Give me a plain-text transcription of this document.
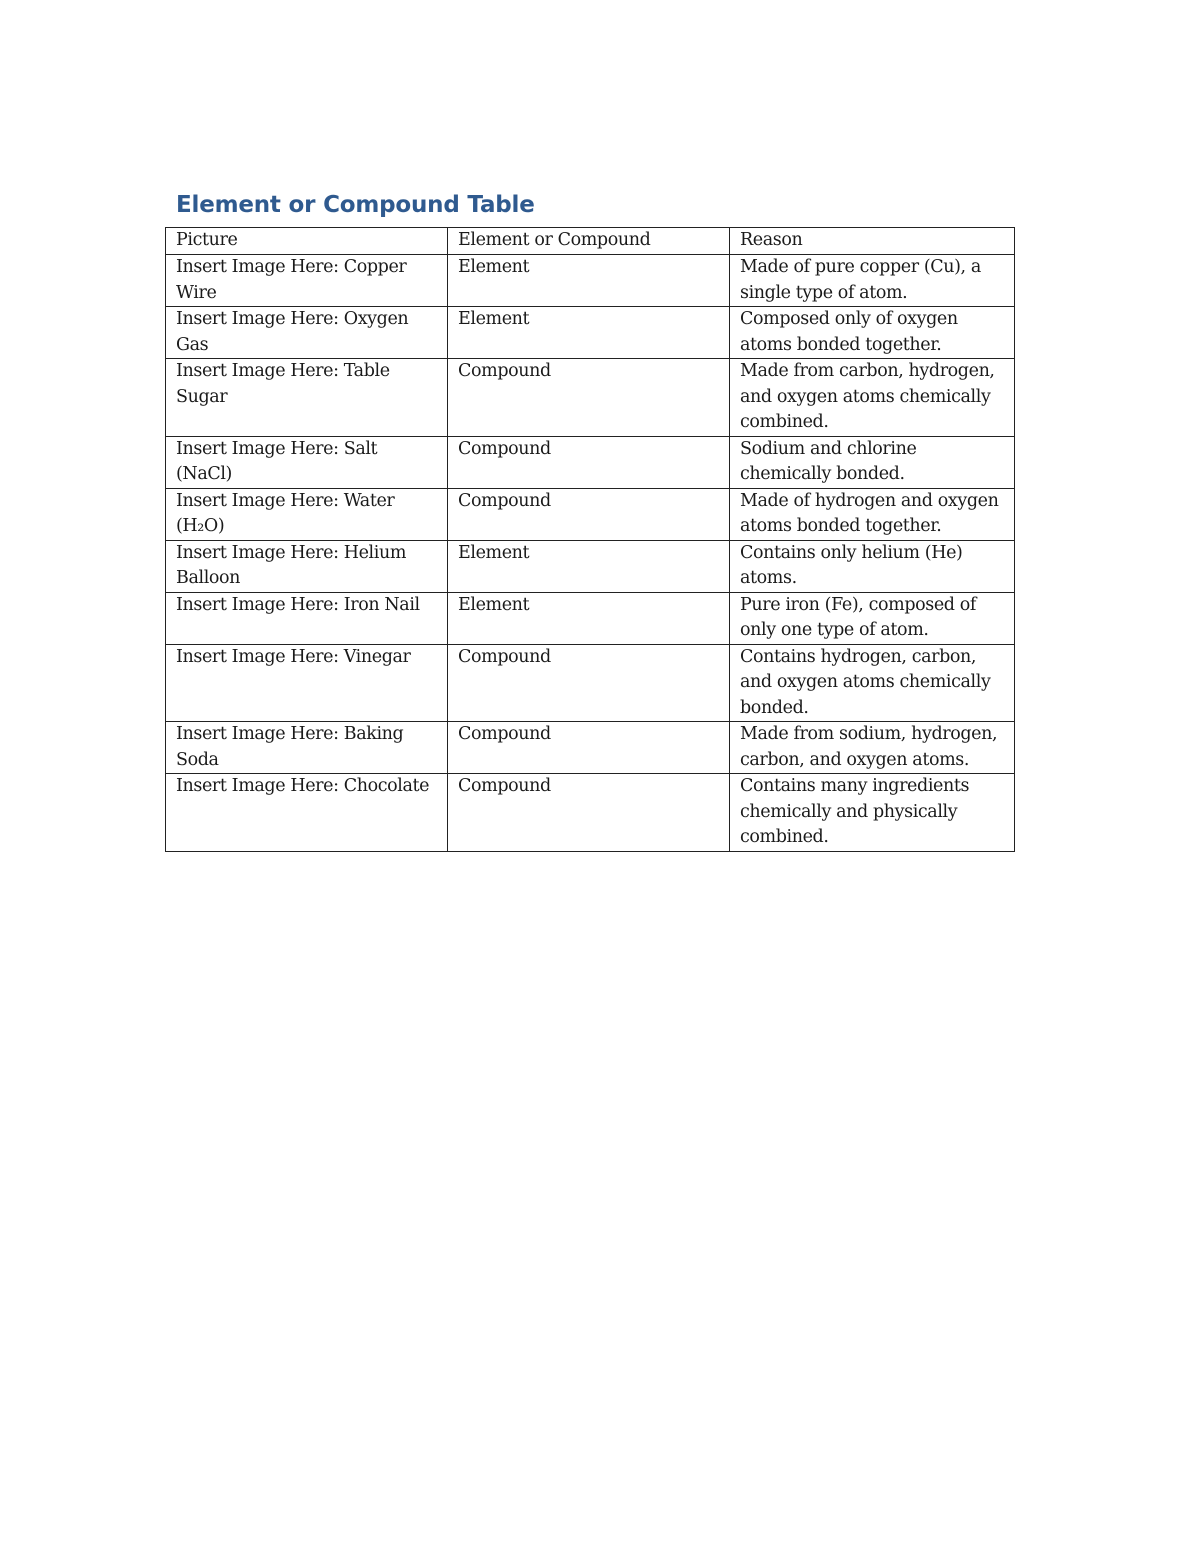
Element or Compound Table
Picture	Element or Compound	Reason
Insert Image Here: Copper Wire	Element	Made of pure copper (Cu), a single type of atom.
Insert Image Here: Oxygen Gas	Element	Composed only of oxygen atoms bonded together.
Insert Image Here: Table Sugar	Compound	Made from carbon, hydrogen, and oxygen atoms chemically combined.
Insert Image Here: Salt (NaCl)	Compound	Sodium and chlorine chemically bonded.
Insert Image Here: Water (H₂O)	Compound	Made of hydrogen and oxygen atoms bonded together.
Insert Image Here: Helium Balloon	Element	Contains only helium (He) atoms.
Insert Image Here: Iron Nail	Element	Pure iron (Fe), composed of only one type of atom.
Insert Image Here: Vinegar	Compound	Contains hydrogen, carbon, and oxygen atoms chemically bonded.
Insert Image Here: Baking Soda	Compound	Made from sodium, hydrogen, carbon, and oxygen atoms.
Insert Image Here: Chocolate	Compound	Contains many ingredients chemically and physically combined.
